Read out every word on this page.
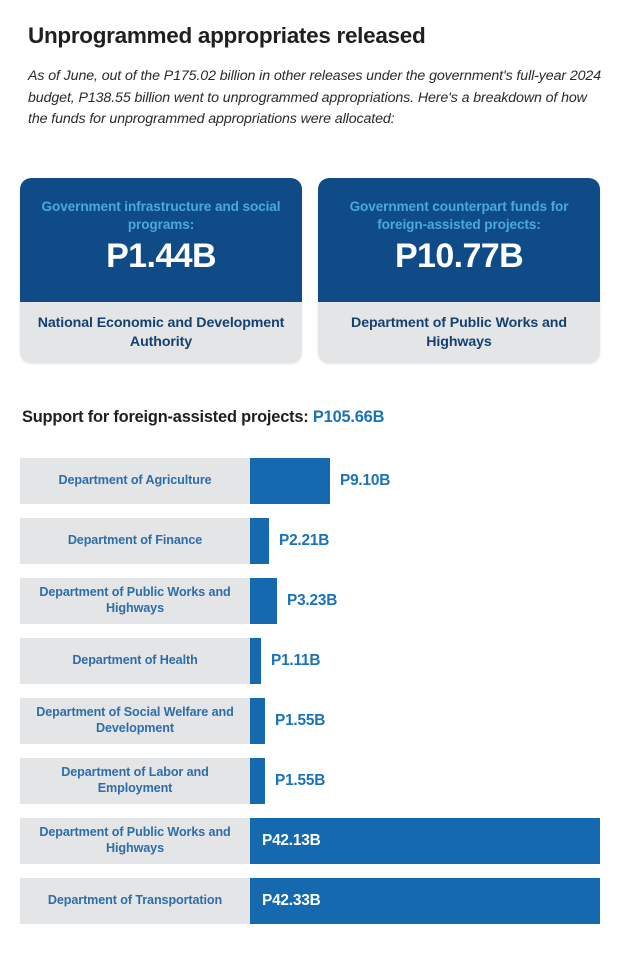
Unprogrammed appropriates released
As of June, out of the P175.02 billion in other releases under the government's full-year 2024 budget, P138.55 billion went to unprogrammed appropriations. Here's a breakdown of how the funds for unprogrammed appropriations were allocated:
Government infrastructure and social programs:
P1.44B
National Economic and Development Authority
Government counterpart funds for foreign-assisted projects:
P10.77B
Department of Public Works and Highways
Support for foreign-assisted projects: P105.66B
Department of Agriculture	P9.10B
Department of Finance	P2.21B
Department of Public Works and Highways	P3.23B
Department of Health	P1.11B
Department of Social Welfare and Development	P1.55B
Department of Labor and Employment	P1.55B
Department of Public Works and Highways	P42.13B
Department of Transportation	P42.33B
